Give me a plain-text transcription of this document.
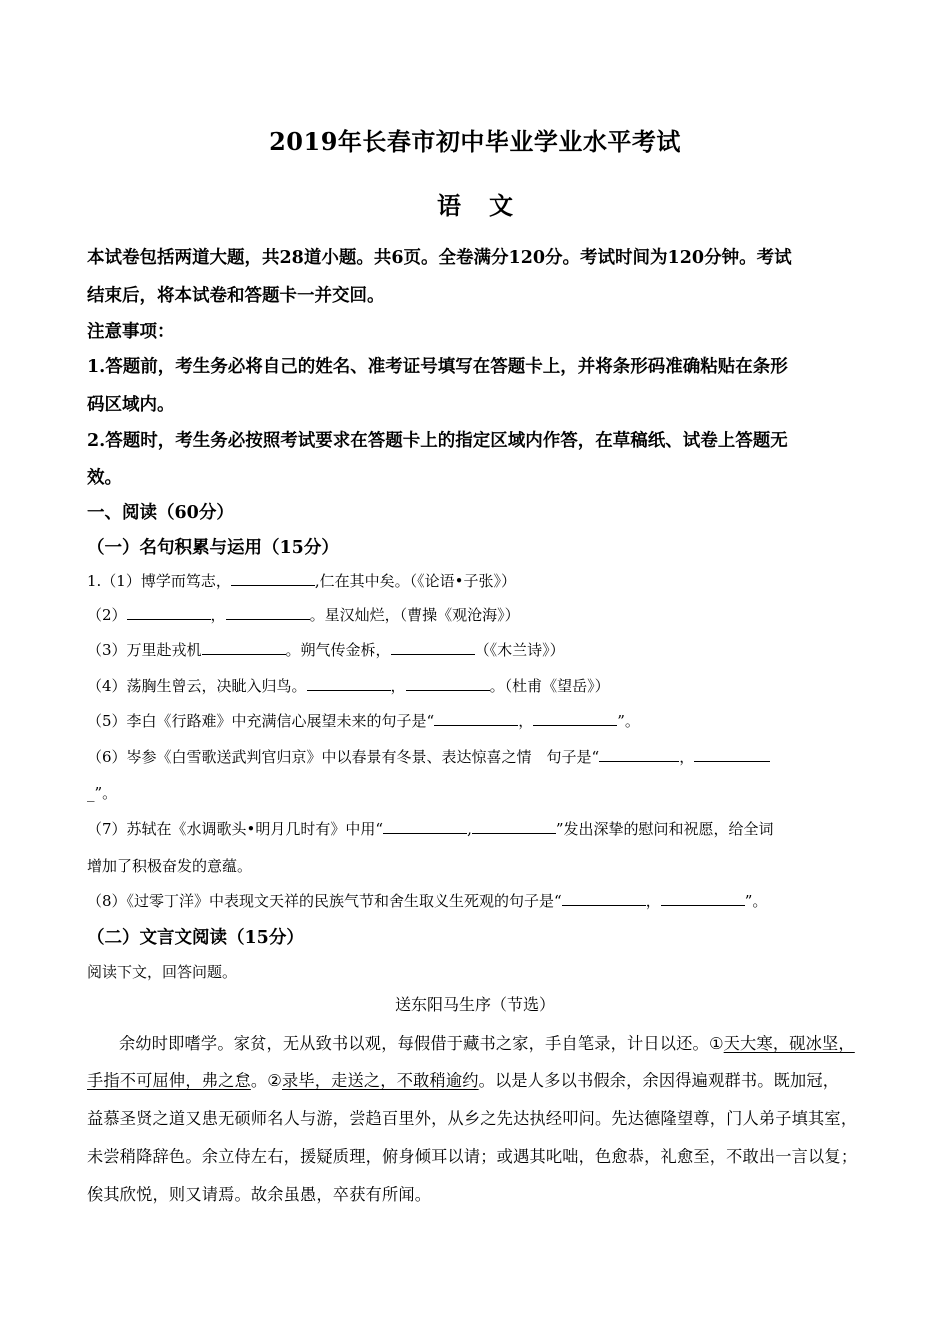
2019年长春市初中毕业学业水平考试
语文
本试卷包括两道大题，共28道小题。共6页。全卷满分120分。考试时间为120分钟。考试
结束后，将本试卷和答题卡一并交回。
注意事项：
1.答题前，考生务必将自己的姓名、准考证号填写在答题卡上，并将条形码准确粘贴在条形
码区域内。
2.答题时，考生务必按照考试要求在答题卡上的指定区域内作答，在草稿纸、试卷上答题无
效。
一、阅读（60分）
（一）名句积累与运用（15分）
1.（1）博学而笃志，	,仁在其中矣。（《论语•子张》）
（2）	，	。星汉灿烂，（曹操《观沧海》）
（3）万里赴戎机	。朔气传金柝，	（《木兰诗》）
（4）荡胸生曾云，决眦入归鸟。	，	。（杜甫《望岳》）
（5）李白《行路难》中充满信心展望未来的句子是“	，	”。
（6）岑参《白雪歌送武判官归京》中以春景有冬景、表达惊喜之情　句子是“	，
_”。
（7）苏轼在《水调歌头•明月几时有》中用“	,	”发出深挚的慰问和祝愿，给全词
增加了积极奋发的意蕴。
（8）《过零丁洋》中表现文天祥的民族气节和舍生取义生死观的句子是“	，	”。
（二）文言文阅读（15分）
阅读下文，回答问题。
送东阳马生序（节选）
余幼时即嗜学。家贫，无从致书以观，每假借于藏书之家，手自笔录，计日以还。①天大寒，砚冰坚，
手指不可屈伸，弗之怠。②录毕，走送之，不敢稍逾约。以是人多以书假余，余因得遍观群书。既加冠，
益慕圣贤之道又患无硕师名人与游，尝趋百里外，从乡之先达执经叩问。先达德隆望尊，门人弟子填其室，
未尝稍降辞色。余立侍左右，援疑质理，俯身倾耳以请；或遇其叱咄，色愈恭，礼愈至，不敢出一言以复；
俟其欣悦，则又请焉。故余虽愚，卒获有所闻。
